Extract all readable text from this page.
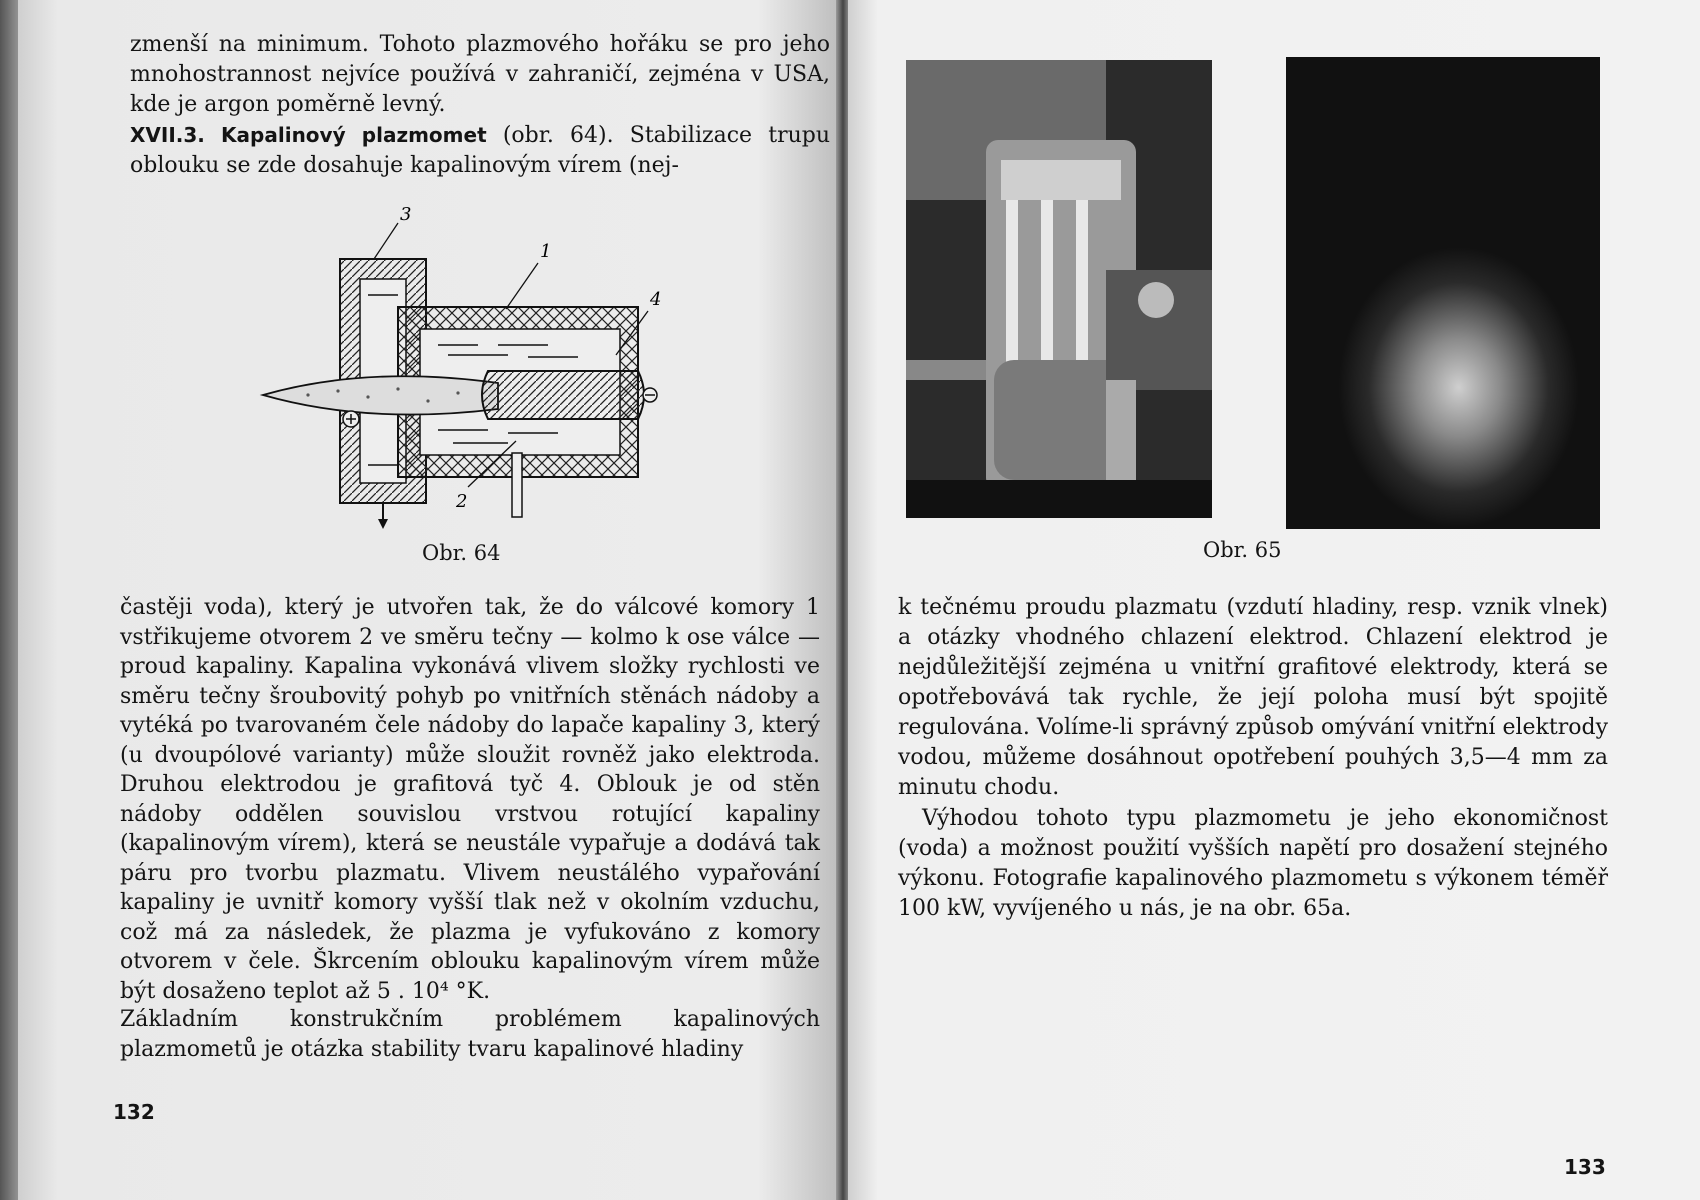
zmenší na minimum. Tohoto plazmového hořáku se pro jeho mnohostrannost nejvíce používá v zahraničí, zejména v USA, kde je argon poměrně levný.

XVII.3. Kapalinový plazmomet (obr. 64). Stabilizace trupu oblouku se zde dosahuje kapalinovým vírem (nej-

3
1
4
2
Obr. 64

častěji voda), který je utvořen tak, že do válcové komory 1 vstřikujeme otvorem 2 ve směru tečny — kolmo k ose válce — proud kapaliny. Kapalina vykonává vlivem složky rychlosti ve směru tečny šroubovitý pohyb po vnitřních stěnách nádoby a vytéká po tvarovaném čele nádoby do lapače kapaliny 3, který (u dvoupólové varianty) může sloužit rovněž jako elektroda. Druhou elektrodou je grafitová tyč 4. Oblouk je od stěn nádoby oddělen souvislou vrstvou rotující kapaliny (kapalinovým vírem), která se neustále vypařuje a dodává tak páru pro tvorbu plazmatu. Vlivem neustálého vypařování kapaliny je uvnitř komory vyšší tlak než v okolním vzduchu, což má za následek, že plazma je vyfukováno z komory otvorem v čele. Škrcením oblouku kapalinovým vírem může být dosaženo teplot až 5 . 10⁴ °K.

Základním konstrukčním problémem kapalinových plazmometů je otázka stability tvaru kapalinové hladiny

132
Obr. 65

k tečnému proudu plazmatu (vzdutí hladiny, resp. vznik vlnek) a otázky vhodného chlazení elektrod. Chlazení elektrod je nejdůležitější zejména u vnitřní grafitové elektrody, která se opotřebovává tak rychle, že její poloha musí být spojitě regulována. Volíme-li správný způsob omývání vnitřní elektrody vodou, můžeme dosáhnout opotřebení pouhých 3,5—4 mm za minutu chodu.

Výhodou tohoto typu plazmometu je jeho ekonomičnost (voda) a možnost použití vyšších napětí pro dosažení stejného výkonu. Fotografie kapalinového plazmometu s výkonem téměř 100 kW, vyvíjeného u nás, je na obr. 65a.

133
